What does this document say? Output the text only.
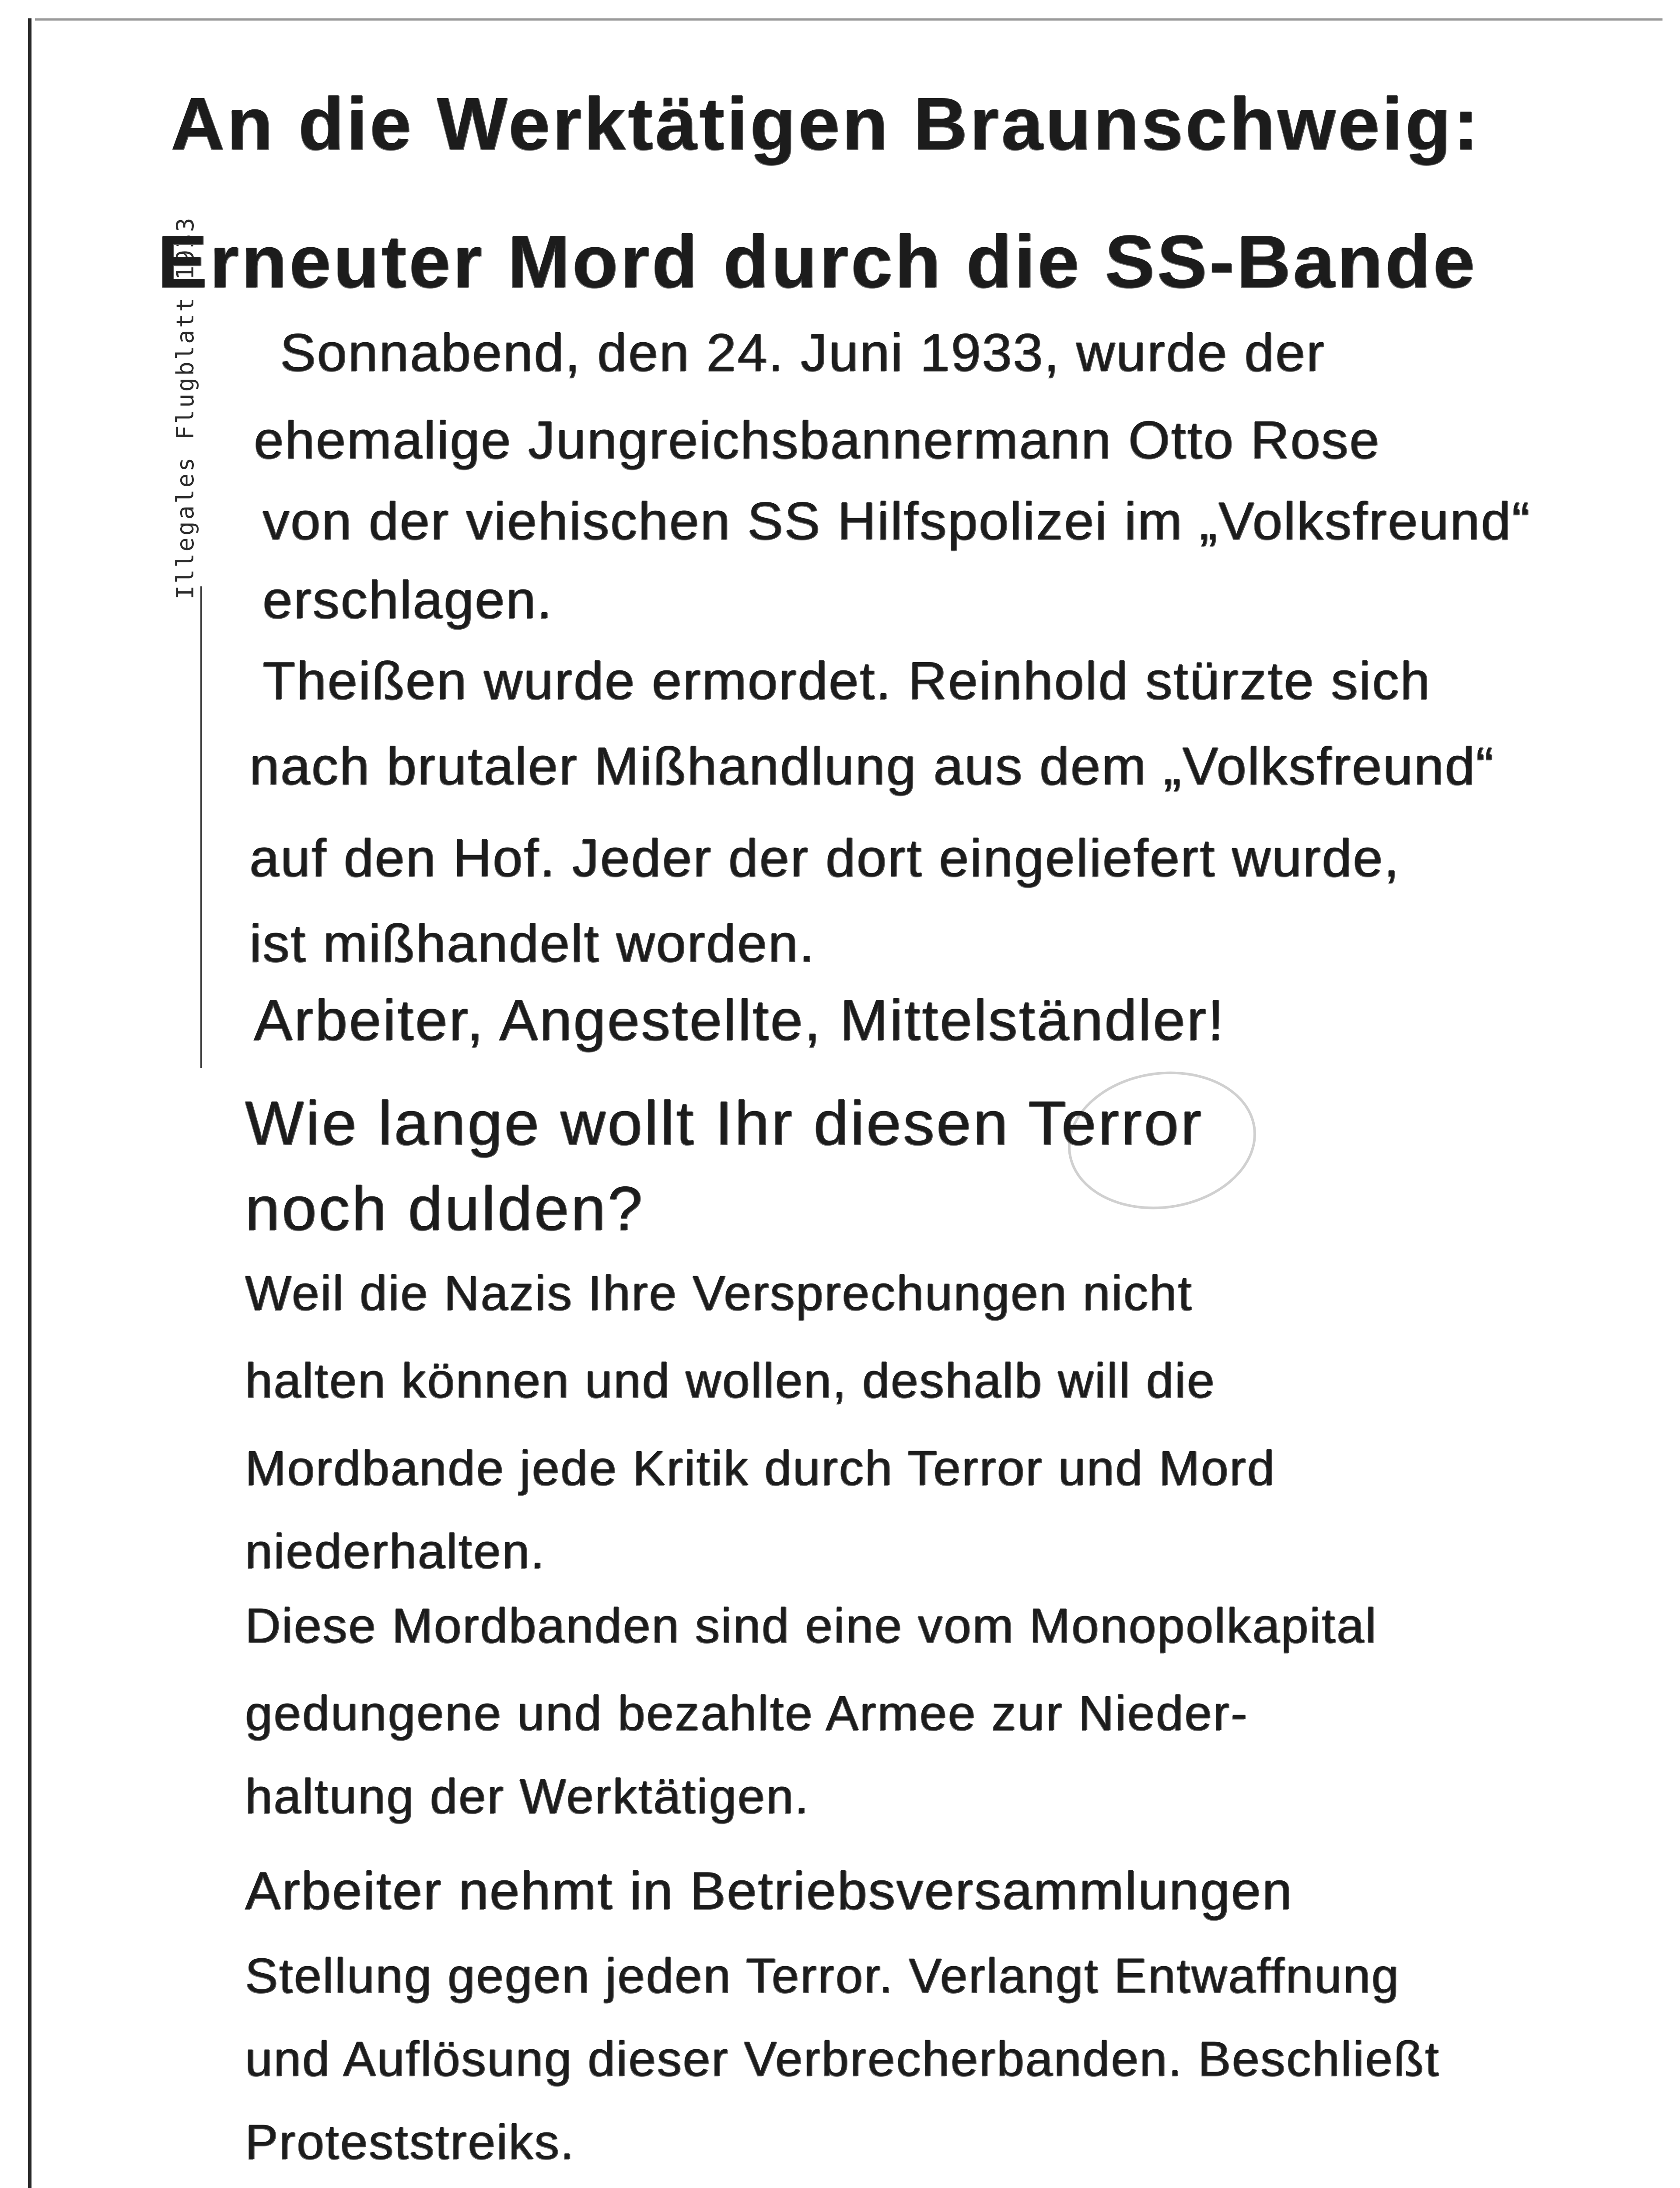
Illegales Flugblatt 1933
An die Werktätigen Braunschweig:
Erneuter Mord durch die SS-Bande
Sonnabend, den 24. Juni 1933, wurde der
ehemalige Jungreichsbannermann Otto Rose
von der viehischen SS Hilfspolizei im „Volksfreund“
erschlagen.
Theißen wurde ermordet. Reinhold stürzte sich
nach brutaler Mißhandlung aus dem „Volksfreund“
auf den Hof. Jeder der dort eingeliefert wurde,
ist mißhandelt worden.
Arbeiter, Angestellte, Mittelständler!
Wie lange wollt Ihr diesen Terror
noch dulden?
Weil die Nazis Ihre Versprechungen nicht
halten können und wollen, deshalb will die
Mordbande jede Kritik durch Terror und Mord
niederhalten.
Diese Mordbanden sind eine vom Monopolkapital
gedungene und bezahlte Armee zur Nieder-
haltung der Werktätigen.
Arbeiter nehmt in Betriebsversammlungen
Stellung gegen jeden Terror. Verlangt Entwaffnung
und Auflösung dieser Verbrecherbanden. Beschließt
Proteststreiks.
